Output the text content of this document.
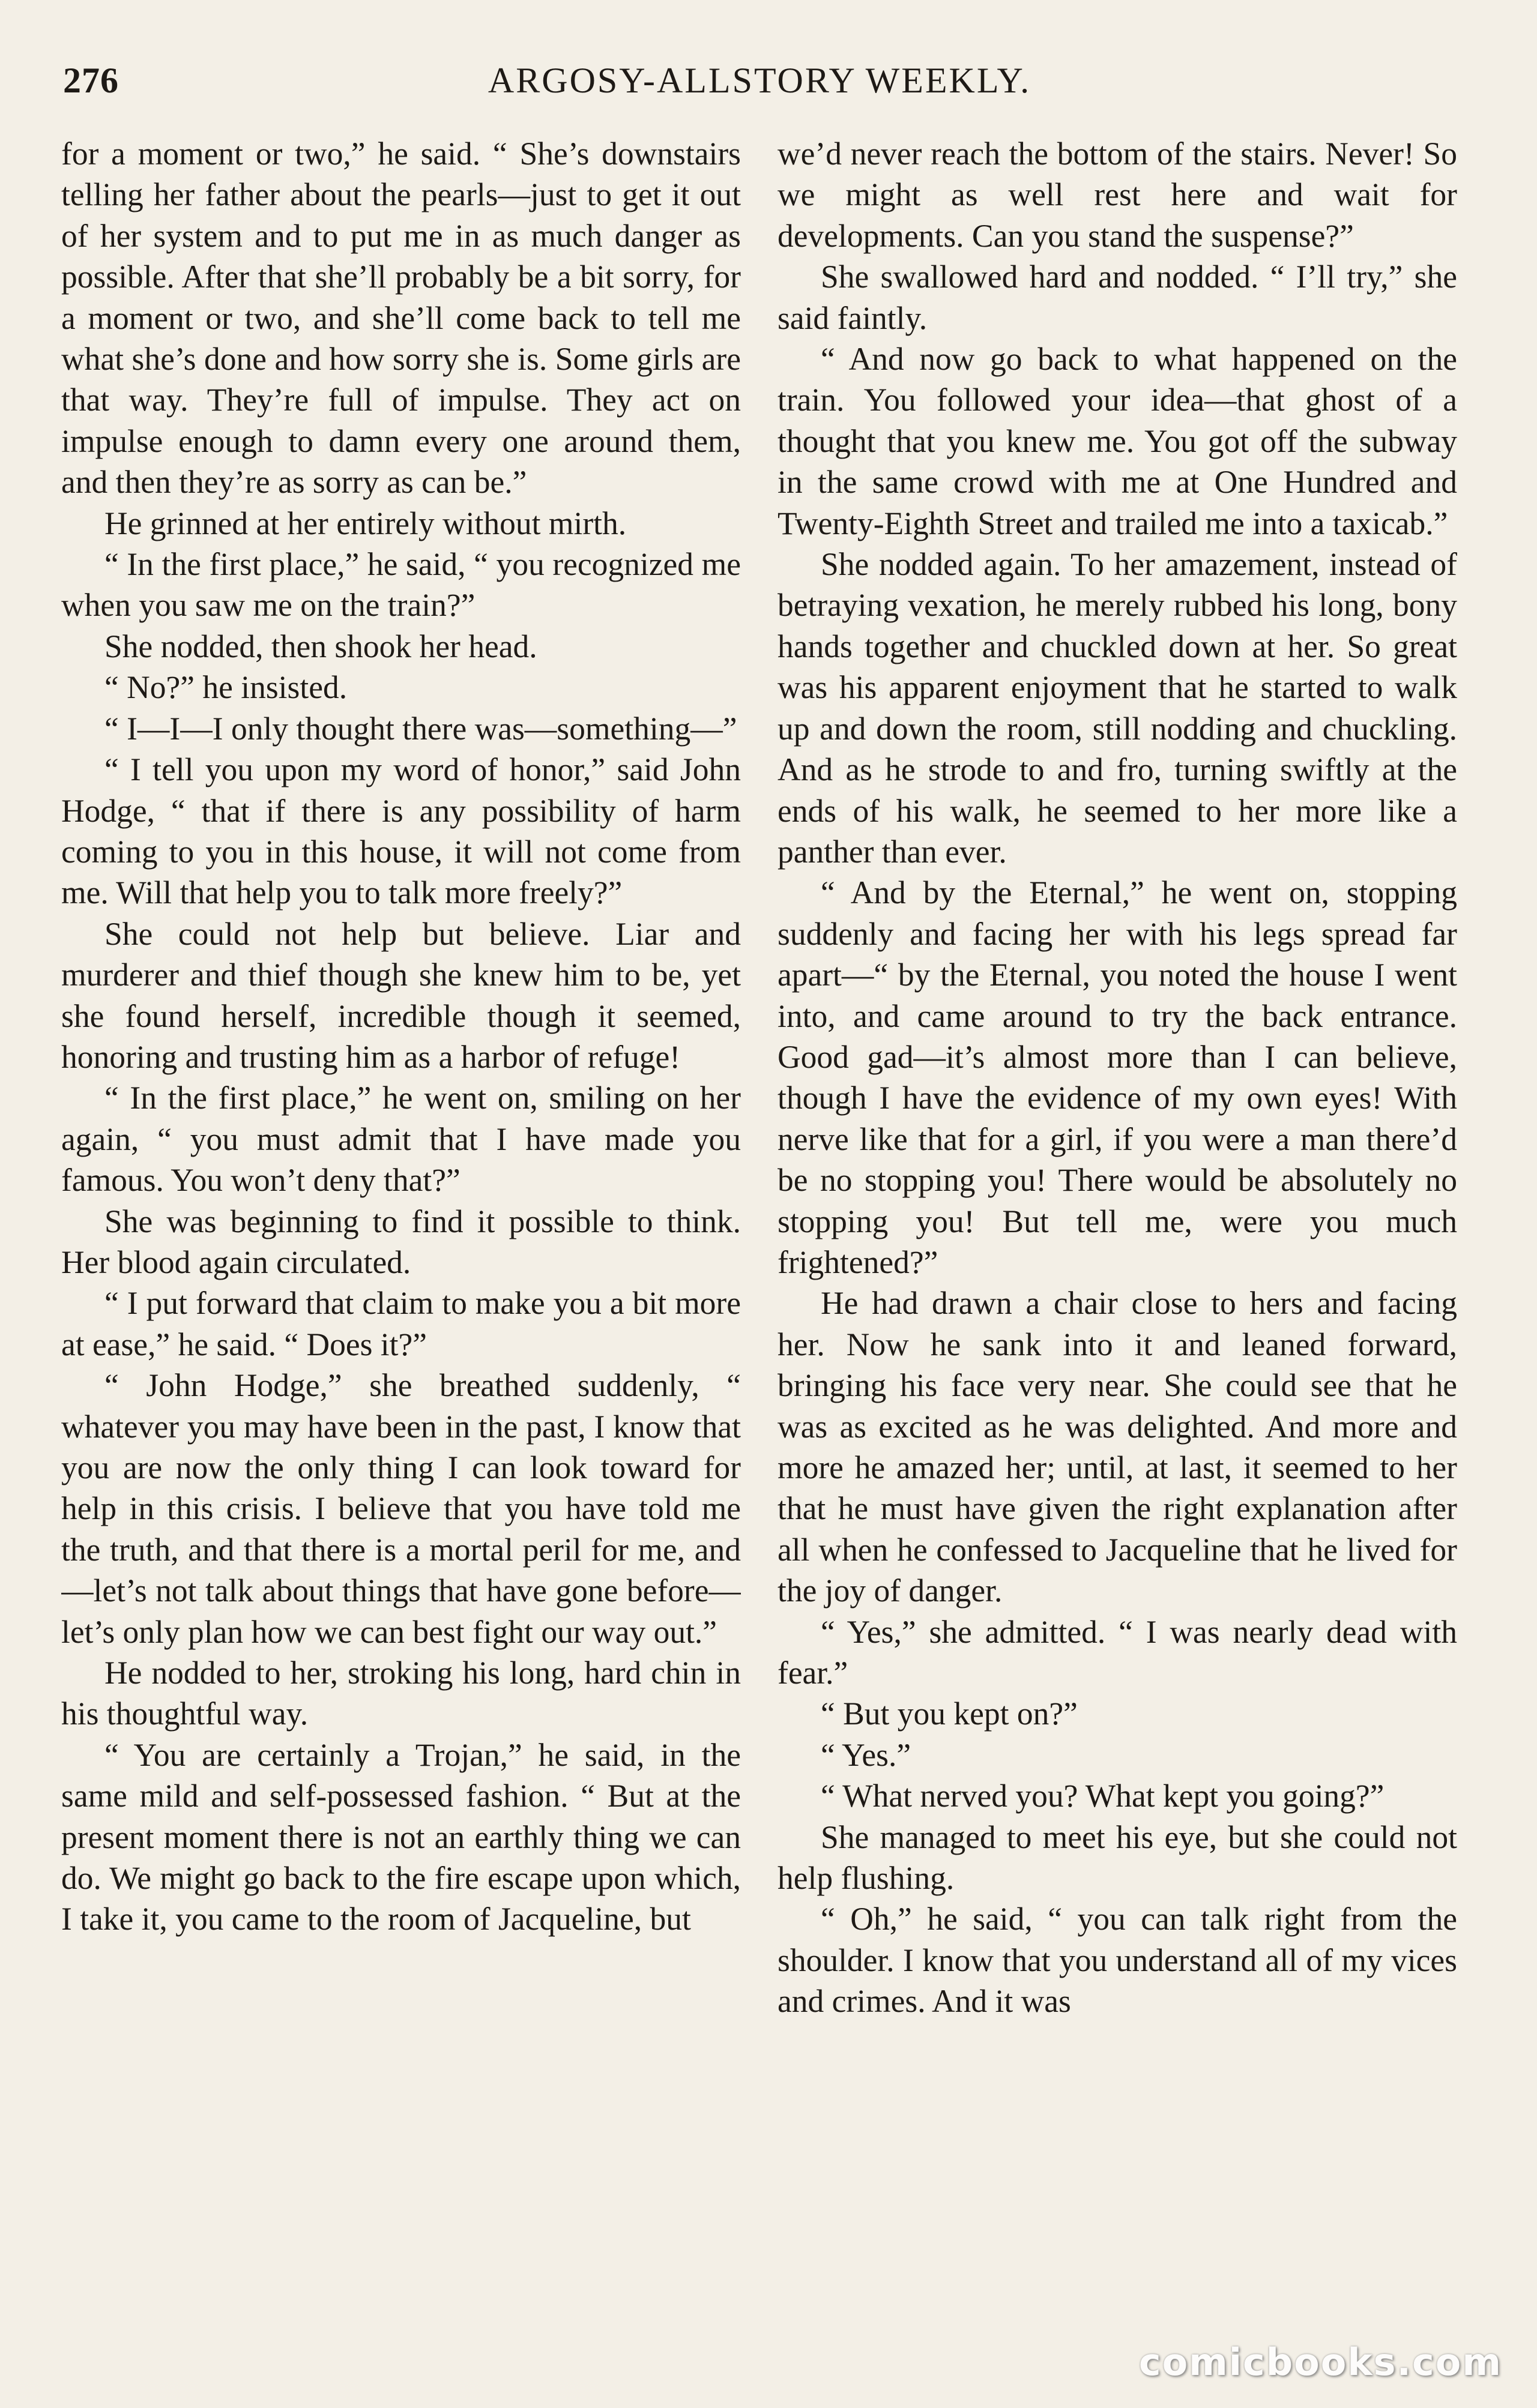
276	ARGOSY-ALLSTORY WEEKLY.

for a moment or two,” he said. “ She’s downstairs telling her father about the pearls—just to get it out of her system and to put me in as much danger as possible. After that she’ll probably be a bit sorry, for a moment or two, and she’ll come back to tell me what she’s done and how sorry she is. Some girls are that way. They’re full of impulse. They act on impulse enough to damn every one around them, and then they’re as sorry as can be.”

He grinned at her entirely without mirth.

“ In the first place,” he said, “ you recognized me when you saw me on the train?”

She nodded, then shook her head.

“ No?” he insisted.

“ I—I—I only thought there was—something—”

“ I tell you upon my word of honor,” said John Hodge, “ that if there is any possibility of harm coming to you in this house, it will not come from me. Will that help you to talk more freely?”

She could not help but believe. Liar and murderer and thief though she knew him to be, yet she found herself, incredible though it seemed, honoring and trusting him as a harbor of refuge!

“ In the first place,” he went on, smiling on her again, “ you must admit that I have made you famous. You won’t deny that?”

She was beginning to find it possible to think. Her blood again circulated.

“ I put forward that claim to make you a bit more at ease,” he said. “ Does it?”

“ John Hodge,” she breathed suddenly, “ whatever you may have been in the past, I know that you are now the only thing I can look toward for help in this crisis. I believe that you have told me the truth, and that there is a mortal peril for me, and—let’s not talk about things that have gone before—let’s only plan how we can best fight our way out.”

He nodded to her, stroking his long, hard chin in his thoughtful way.

“ You are certainly a Trojan,” he said, in the same mild and self-possessed fashion. “ But at the present moment there is not an earthly thing we can do. We might go back to the fire escape upon which, I take it, you came to the room of Jacqueline, but

we’d never reach the bottom of the stairs. Never! So we might as well rest here and wait for developments. Can you stand the suspense?”

She swallowed hard and nodded. “ I’ll try,” she said faintly.

“ And now go back to what happened on the train. You followed your idea—that ghost of a thought that you knew me. You got off the subway in the same crowd with me at One Hundred and Twenty-Eighth Street and trailed me into a taxicab.”

She nodded again. To her amazement, instead of betraying vexation, he merely rubbed his long, bony hands together and chuckled down at her. So great was his apparent enjoyment that he started to walk up and down the room, still nodding and chuckling. And as he strode to and fro, turning swiftly at the ends of his walk, he seemed to her more like a panther than ever.

“ And by the Eternal,” he went on, stopping suddenly and facing her with his legs spread far apart—“ by the Eternal, you noted the house I went into, and came around to try the back entrance. Good gad—it’s almost more than I can believe, though I have the evidence of my own eyes! With nerve like that for a girl, if you were a man there’d be no stopping you! There would be absolutely no stopping you! But tell me, were you much frightened?”

He had drawn a chair close to hers and facing her. Now he sank into it and leaned forward, bringing his face very near. She could see that he was as excited as he was delighted. And more and more he amazed her; until, at last, it seemed to her that he must have given the right explanation after all when he confessed to Jacqueline that he lived for the joy of danger.

“ Yes,” she admitted. “ I was nearly dead with fear.”

“ But you kept on?”

“ Yes.”

“ What nerved you? What kept you going?”

She managed to meet his eye, but she could not help flushing.

“ Oh,” he said, “ you can talk right from the shoulder. I know that you understand all of my vices and crimes. And it was

comicbooks.com
